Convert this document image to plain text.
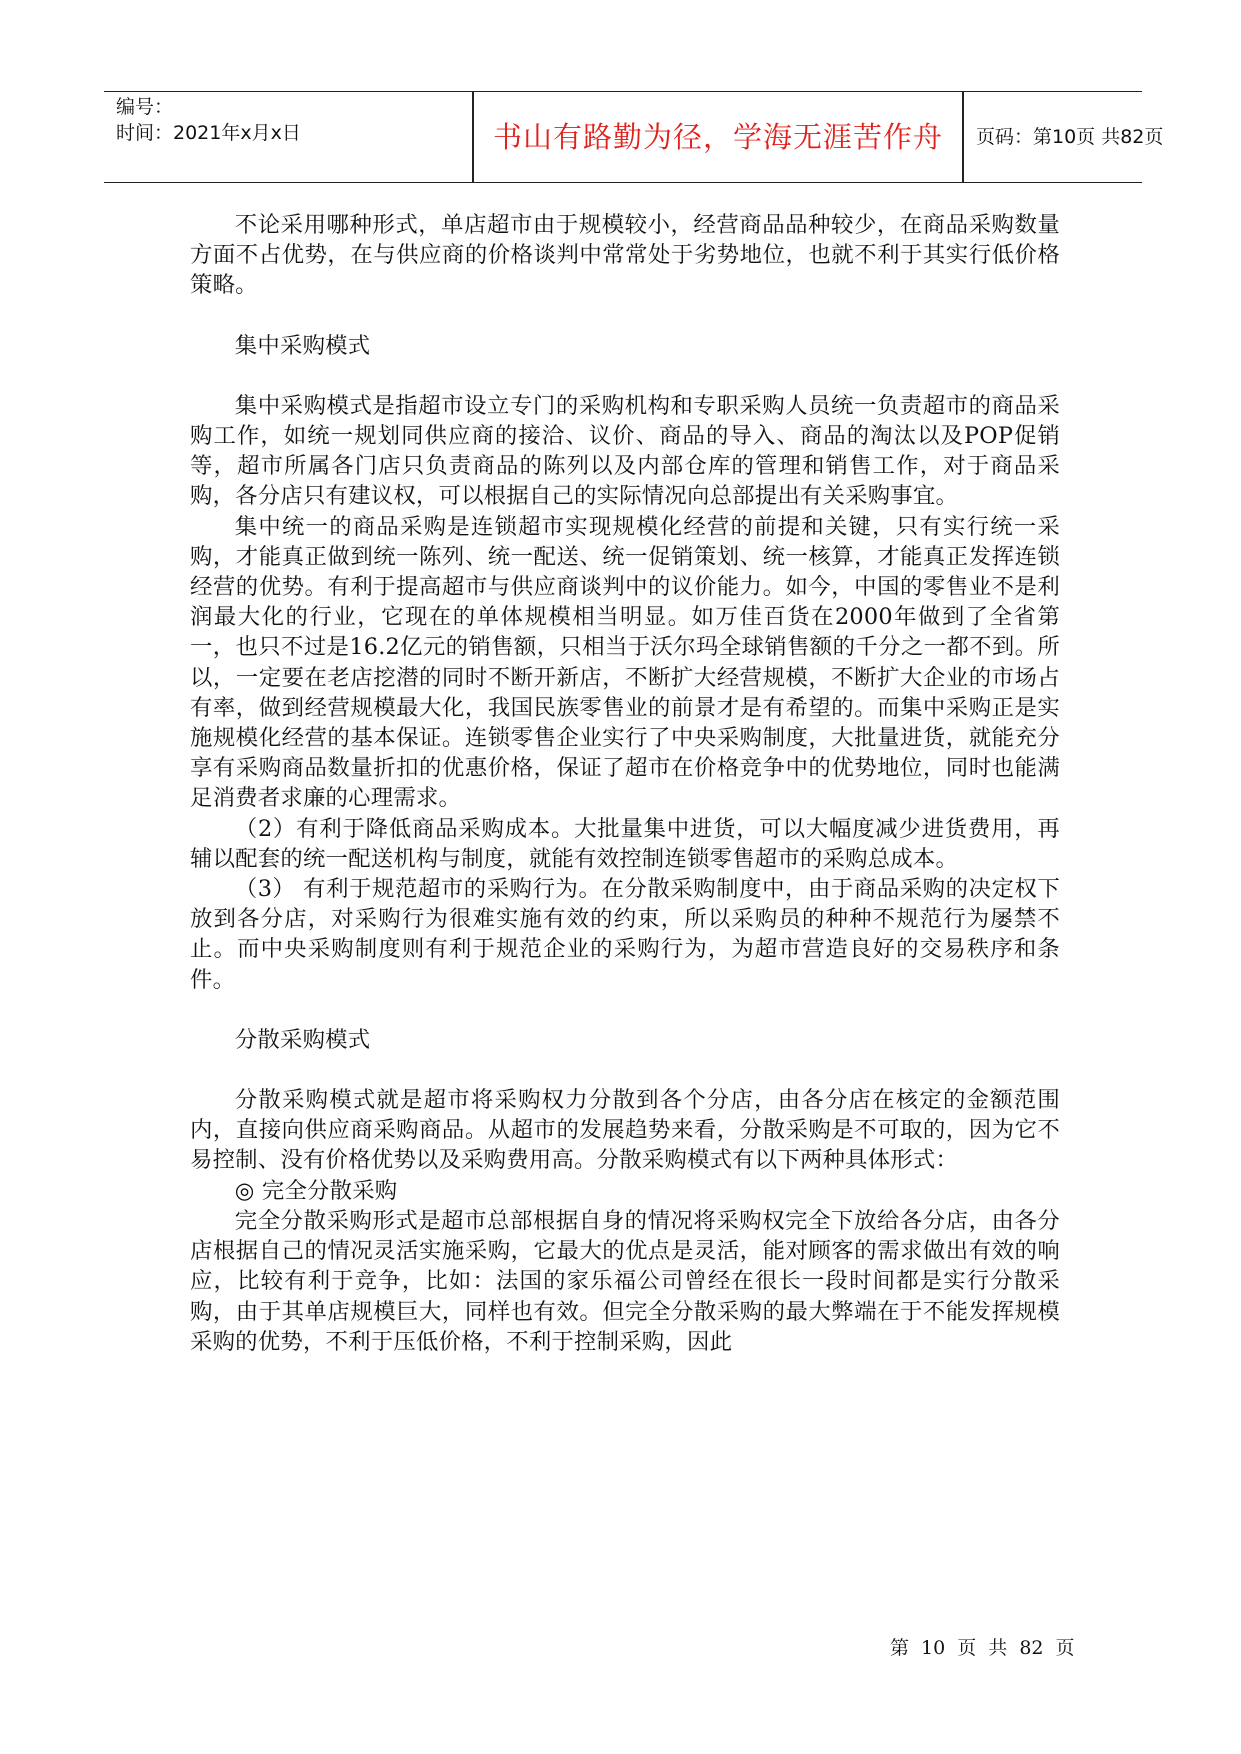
编号：
时间：2021年x月x日	书山有路勤为径，学海无涯苦作舟	页码：第10页 共82页

不论采用哪种形式，单店超市由于规模较小，经营商品品种较少，在商品采购数量方面不占优势，在与供应商的价格谈判中常常处于劣势地位，也就不利于其实行低价格策略。

集中采购模式

集中采购模式是指超市设立专门的采购机构和专职采购人员统一负责超市的商品采购工作，如统一规划同供应商的接洽、议价、商品的导入、商品的淘汰以及POP促销等，超市所属各门店只负责商品的陈列以及内部仓库的管理和销售工作，对于商品采购，各分店只有建议权，可以根据自己的实际情况向总部提出有关采购事宜。

集中统一的商品采购是连锁超市实现规模化经营的前提和关键，只有实行统一采购，才能真正做到统一陈列、统一配送、统一促销策划、统一核算，才能真正发挥连锁经营的优势。有利于提高超市与供应商谈判中的议价能力。如今，中国的零售业不是利润最大化的行业，它现在的单体规模相当明显。如万佳百货在2000年做到了全省第一，也只不过是16.2亿元的销售额，只相当于沃尔玛全球销售额的千分之一都不到。所以，一定要在老店挖潜的同时不断开新店，不断扩大经营规模，不断扩大企业的市场占有率，做到经营规模最大化，我国民族零售业的前景才是有希望的。而集中采购正是实施规模化经营的基本保证。连锁零售企业实行了中央采购制度，大批量进货，就能充分享有采购商品数量折扣的优惠价格，保证了超市在价格竞争中的优势地位，同时也能满足消费者求廉的心理需求。

（2）有利于降低商品采购成本。大批量集中进货，可以大幅度减少进货费用，再辅以配套的统一配送机构与制度，就能有效控制连锁零售超市的采购总成本。

（3） 有利于规范超市的采购行为。在分散采购制度中，由于商品采购的决定权下放到各分店，对采购行为很难实施有效的约束，所以采购员的种种不规范行为屡禁不止。而中央采购制度则有利于规范企业的采购行为，为超市营造良好的交易秩序和条件。

分散采购模式

分散采购模式就是超市将采购权力分散到各个分店，由各分店在核定的金额范围内，直接向供应商采购商品。从超市的发展趋势来看，分散采购是不可取的，因为它不易控制、没有价格优势以及采购费用高。分散采购模式有以下两种具体形式：

◎ 完全分散采购

完全分散采购形式是超市总部根据自身的情况将采购权完全下放给各分店，由各分店根据自己的情况灵活实施采购，它最大的优点是灵活，能对顾客的需求做出有效的响应，比较有利于竞争，比如：法国的家乐福公司曾经在很长一段时间都是实行分散采购，由于其单店规模巨大，同样也有效。但完全分散采购的最大弊端在于不能发挥规模采购的优势，不利于压低价格，不利于控制采购，因此

第 10 页 共 82 页
